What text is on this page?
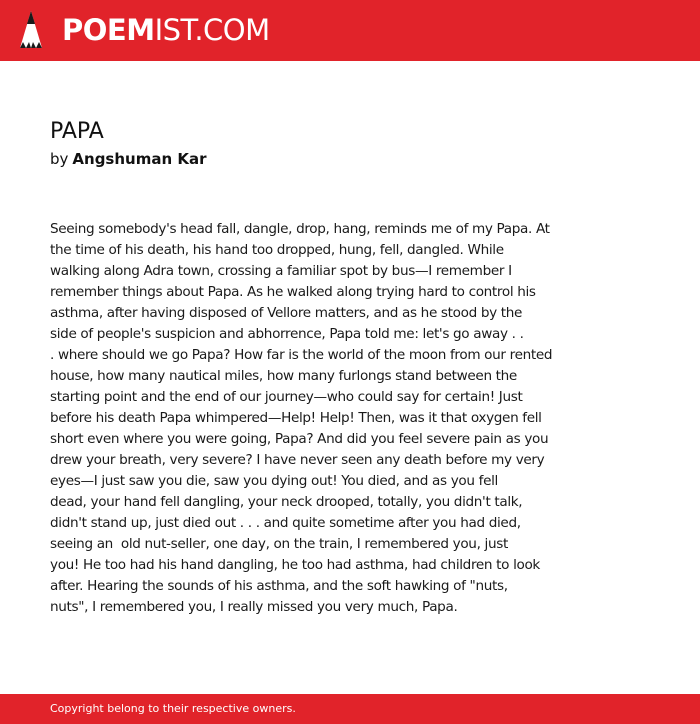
POEMIST.COM
PAPA
by Angshuman Kar
Seeing somebody's head fall, dangle, drop, hang, reminds me of my Papa. At
the time of his death, his hand too dropped, hung, fell, dangled. While
walking along Adra town, crossing a familiar spot by bus—I remember I
remember things about Papa. As he walked along trying hard to control his
asthma, after having disposed of Vellore matters, and as he stood by the
side of people's suspicion and abhorrence, Papa told me: let's go away . .
. where should we go Papa? How far is the world of the moon from our rented
house, how many nautical miles, how many furlongs stand between the
starting point and the end of our journey—who could say for certain! Just
before his death Papa whimpered—Help! Help! Then, was it that oxygen fell
short even where you were going, Papa? And did you feel severe pain as you
drew your breath, very severe? I have never seen any death before my very
eyes—I just saw you die, saw you dying out! You died, and as you fell
dead, your hand fell dangling, your neck drooped, totally, you didn't talk,
didn't stand up, just died out . . . and quite sometime after you had died,
seeing an  old nut-seller, one day, on the train, I remembered you, just
you! He too had his hand dangling, he too had asthma, had children to look
after. Hearing the sounds of his asthma, and the soft hawking of "nuts,
nuts", I remembered you, I really missed you very much, Papa.
Copyright belong to their respective owners.
